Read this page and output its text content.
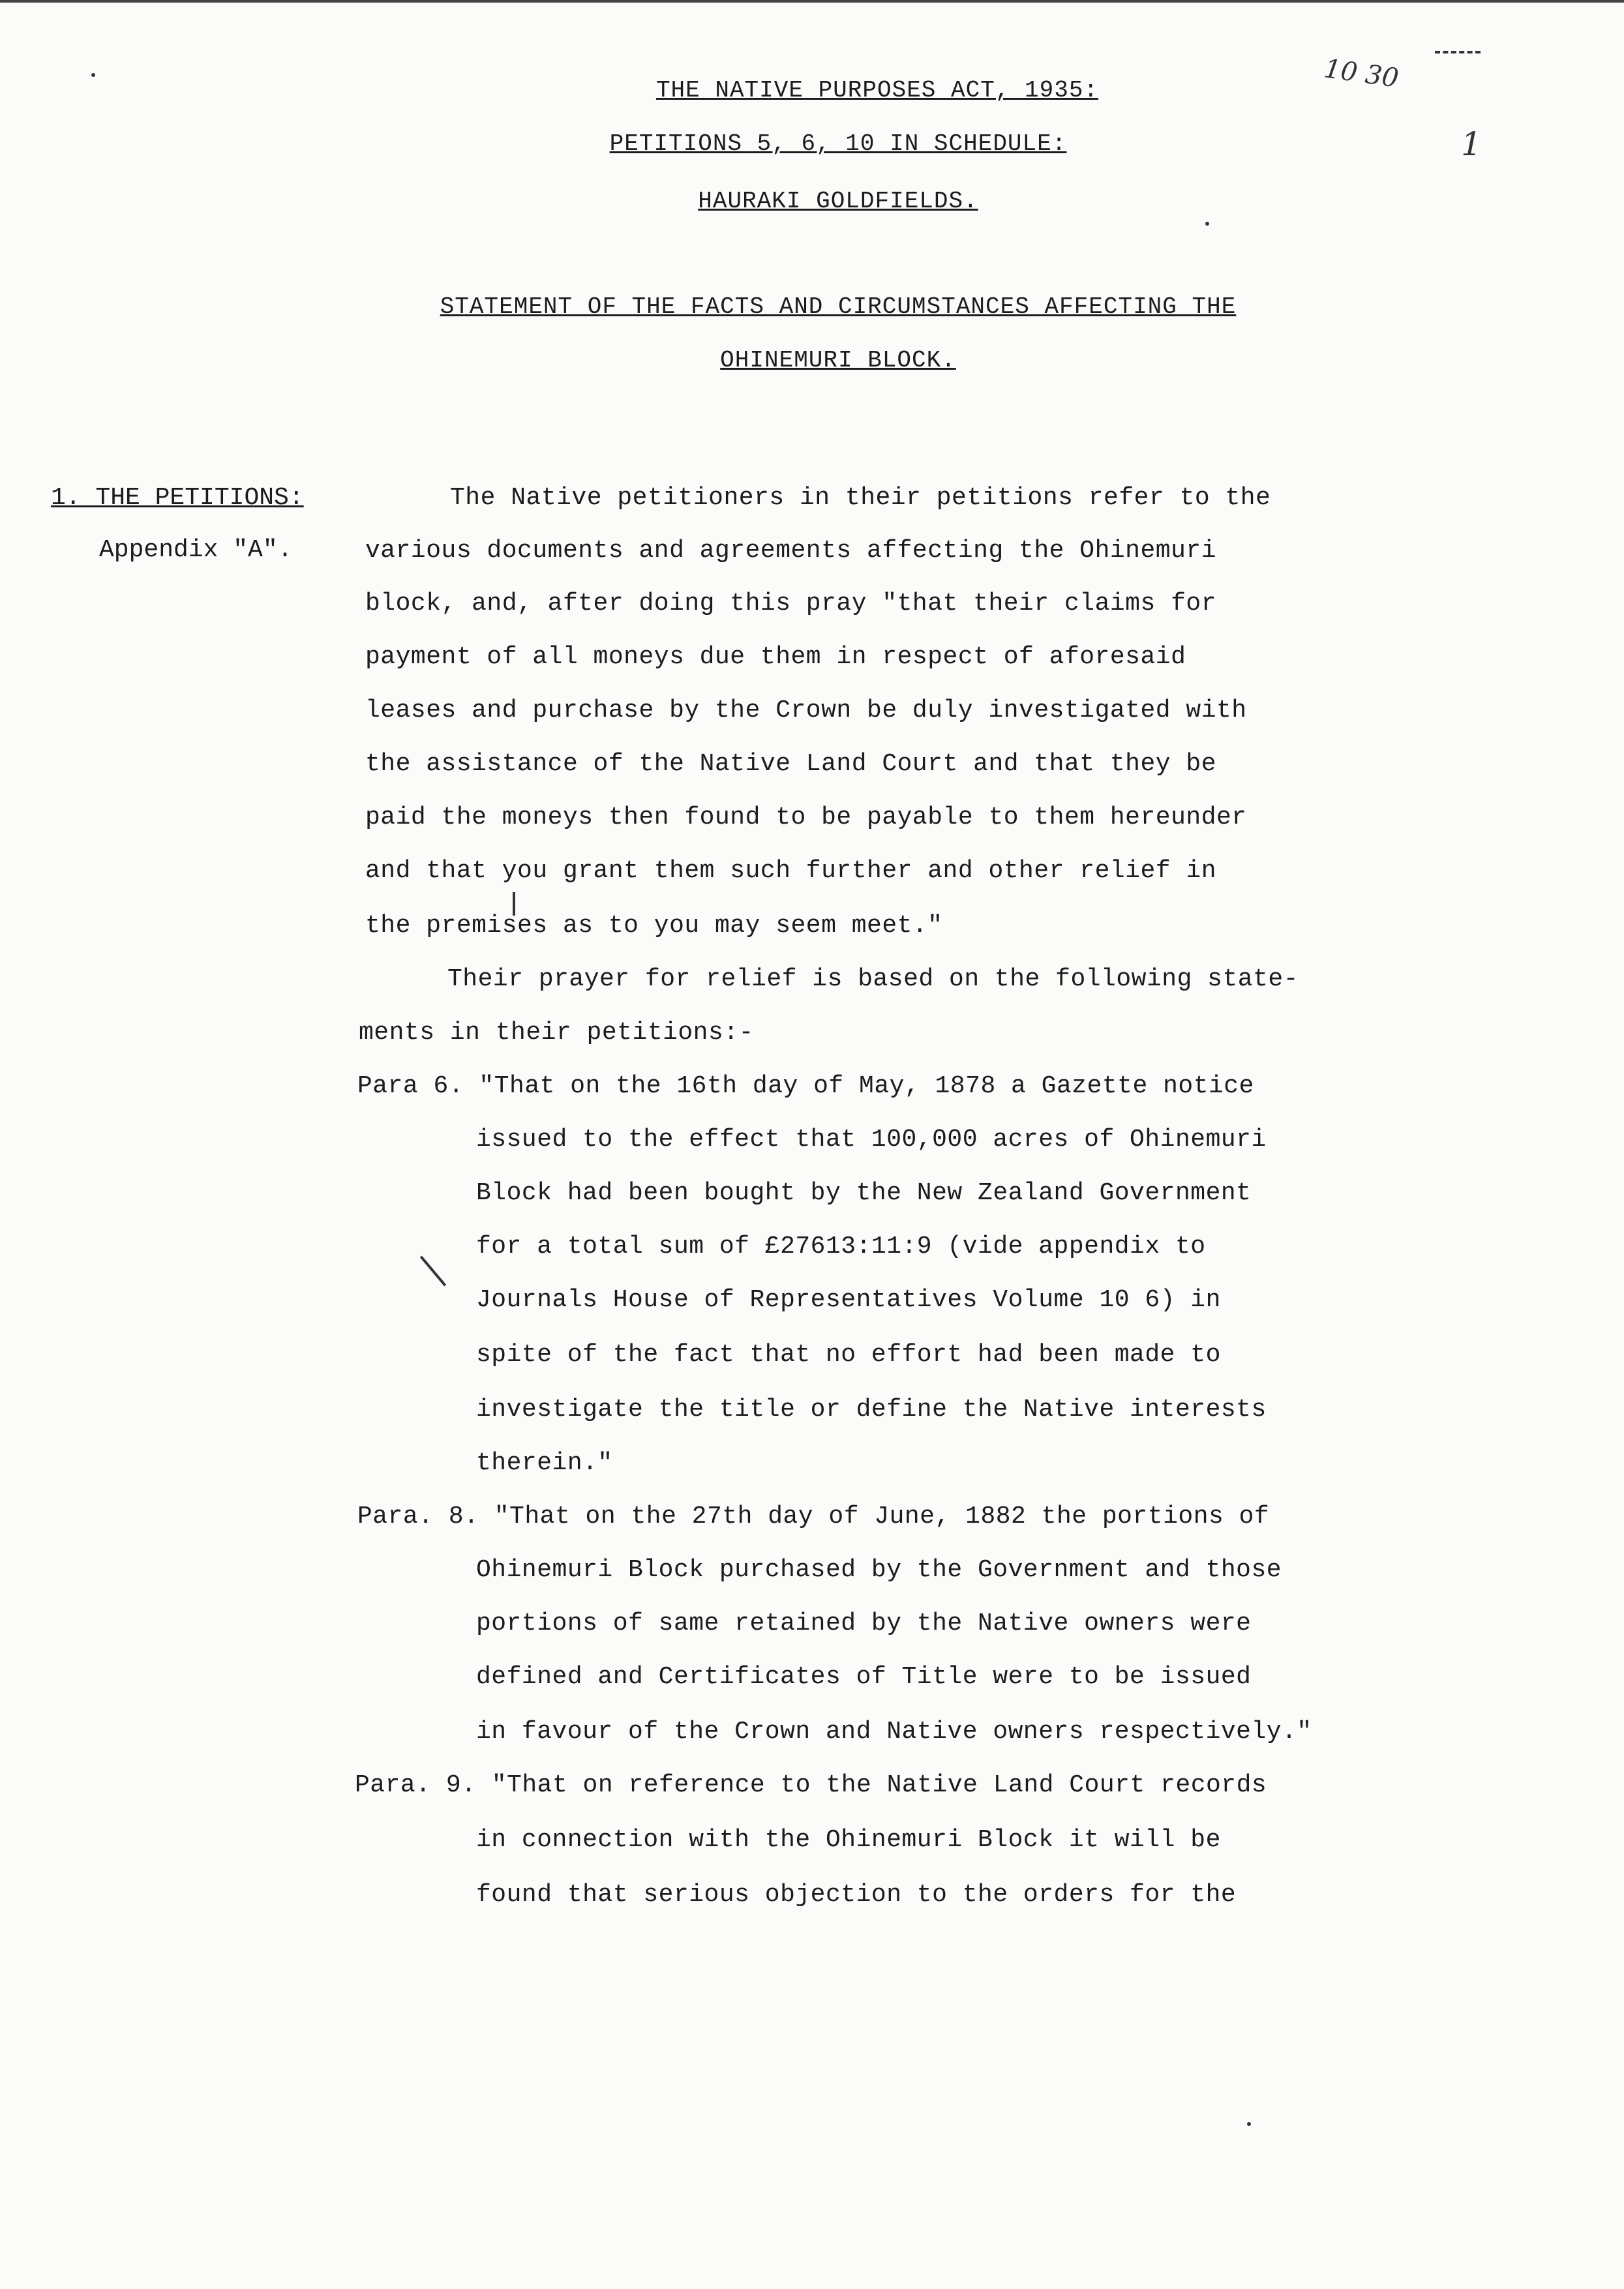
THE NATIVE PURPOSES ACT, 1935:
PETITIONS 5, 6, 10 IN SCHEDULE:
HAURAKI GOLDFIELDS.
STATEMENT OF THE FACTS AND CIRCUMSTANCES AFFECTING THE
OHINEMURI BLOCK.
10 30
1
1. THE PETITIONS:
Appendix "A".
The Native petitioners in their petitions refer to the
various documents and agreements affecting the Ohinemuri
block, and, after doing this pray "that their claims for
payment of all moneys due them in respect of aforesaid
leases and purchase by the Crown be duly investigated with
the assistance of the Native Land Court and that they be
paid the moneys then found to be payable to them hereunder
and that you grant them such further and other relief in
the premises as to you may seem meet."
Their prayer for relief is based on the following state-
ments in their petitions:-
Para 6. "That on the 16th day of May, 1878 a Gazette notice
issued to the effect that 100,000 acres of Ohinemuri
Block had been bought by the New Zealand Government
for a total sum of £27613:11:9 (vide appendix to
Journals House of Representatives Volume 10 6) in
spite of the fact that no effort had been made to
investigate the title or define the Native interests
therein."
Para. 8. "That on the 27th day of June, 1882 the portions of
Ohinemuri Block purchased by the Government and those
portions of same retained by the Native owners were
defined and Certificates of Title were to be issued
in favour of the Crown and Native owners respectively."
Para. 9. "That on reference to the Native Land Court records
in connection with the Ohinemuri Block it will be
found that serious objection to the orders for the
